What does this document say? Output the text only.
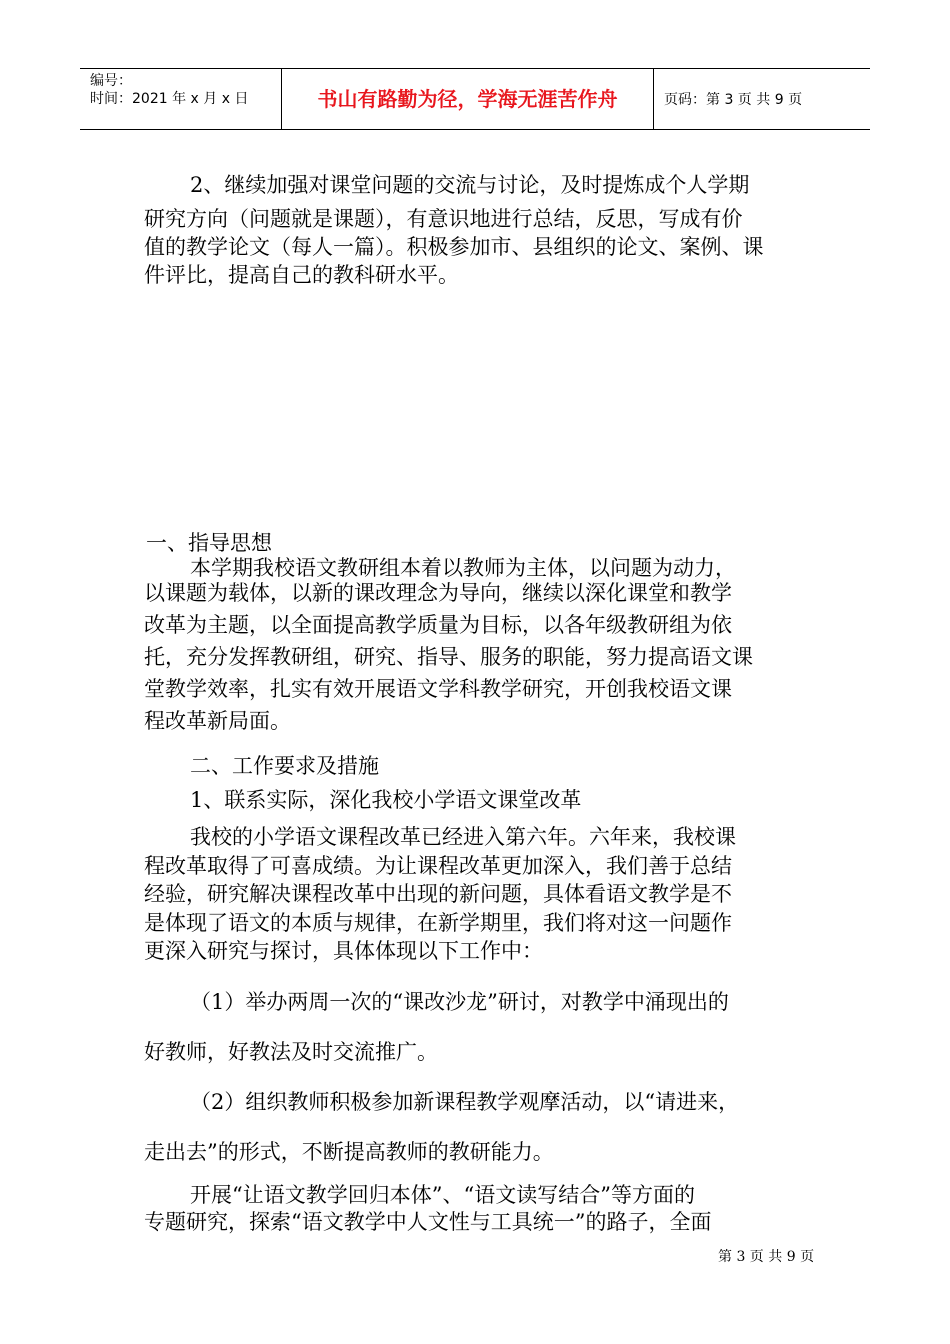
编号：
时间：2021 年 x 月 x 日	书山有路勤为径，学海无涯苦作舟	页码：第 3 页 共 9 页
2、继续加强对课堂问题的交流与讨论，及时提炼成个人学期
研究方向（问题就是课题），有意识地进行总结，反思，写成有价
值的教学论文（每人一篇）。积极参加市、县组织的论文、案例、课
件评比，提高自己的教科研水平。
一、指导思想
本学期我校语文教研组本着以教师为主体，以问题为动力，
以课题为载体，以新的课改理念为导向，继续以深化课堂和教学
改革为主题，以全面提高教学质量为目标，以各年级教研组为依
托，充分发挥教研组，研究、指导、服务的职能，努力提高语文课
堂教学效率，扎实有效开展语文学科教学研究，开创我校语文课
程改革新局面。
二、工作要求及措施
1、联系实际，深化我校小学语文课堂改革
我校的小学语文课程改革已经进入第六年。六年来，我校课
程改革取得了可喜成绩。为让课程改革更加深入，我们善于总结
经验，研究解决课程改革中出现的新问题，具体看语文教学是不
是体现了语文的本质与规律，在新学期里，我们将对这一问题作
更深入研究与探讨，具体体现以下工作中：
（1）举办两周一次的“课改沙龙”研讨，对教学中涌现出的
好教师，好教法及时交流推广。
（2）组织教师积极参加新课程教学观摩活动，以“请进来，
走出去”的形式，不断提高教师的教研能力。
开展“让语文教学回归本体”、“语文读写结合”等方面的
专题研究，探索“语文教学中人文性与工具统一”的路子，全面
第 3 页 共 9 页
